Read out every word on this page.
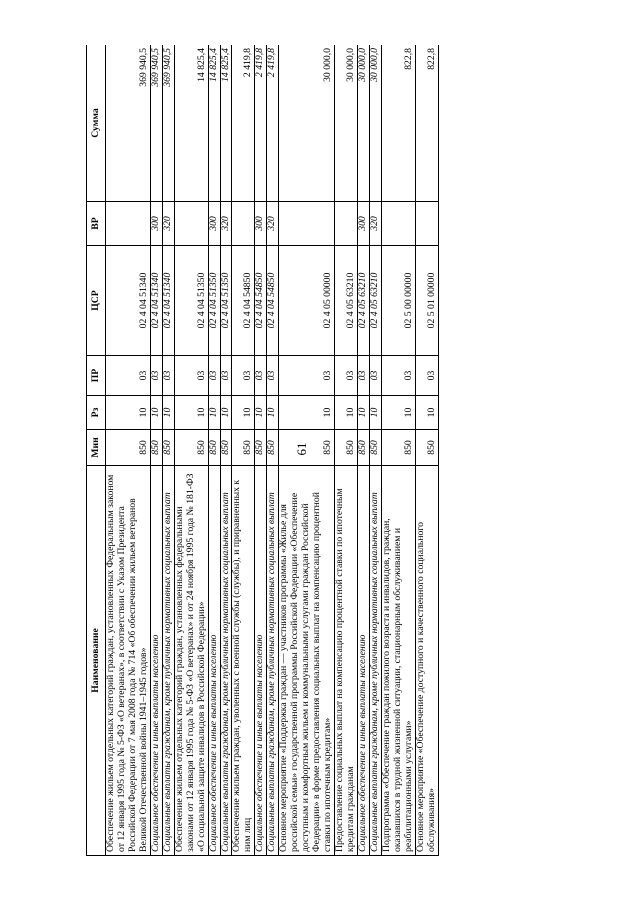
61
Наименование	Мин	Рз	ПР	ЦСР	ВР	Сумма
Обеспечение жильем отдельных категорий граждан, установленных Федеральным законом от 12 января 1995 года № 5-ФЗ «О ветеранах», в соответствии с Указом Президента Российской Федерации от 7 мая 2008 года № 714 «Об обеспечении жильем ветеранов Великой Отечественной войны 1941–1945 годов»	850	10	03	02 4 04 51340		369 940,5
Социальное обеспечение и иные выплаты населению	850	10	03	02 4 04 51340	300	369 940,5
Социальные выплаты гражданам, кроме публичных нормативных социальных выплат	850	10	03	02 4 04 51340	320	369 940,5
Обеспечение жильем отдельных категорий граждан, установленных федеральными законами от 12 января 1995 года № 5-ФЗ «О ветеранах» и от 24 ноября 1995 года № 181-ФЗ «О социальной защите инвалидов в Российской Федерации»	850	10	03	02 4 04 51350		14 825,4
Социальное обеспечение и иные выплаты населению	850	10	03	02 4 04 51350	300	14 825,4
Социальные выплаты гражданам, кроме публичных нормативных социальных выплат	850	10	03	02 4 04 51350	320	14 825,4
Обеспечение жильем граждан, уволенных с военной службы (службы), и приравненных к ним лиц	850	10	03	02 4 04 54850		2 419,8
Социальное обеспечение и иные выплаты населению	850	10	03	02 4 04 54850	300	2 419,8
Социальные выплаты гражданам, кроме публичных нормативных социальных выплат	850	10	03	02 4 04 54850	320	2 419,8
Основное мероприятие «Поддержка граждан — участников программы «Жилье для российской семьи» государственной программы Российской Федерации «Обеспечение доступным и комфортным жильем и коммунальными услугами граждан Российской Федерации» в форме предоставления социальных выплат на компенсацию процентной ставки по ипотечным кредитам»	850	10	03	02 4 05 00000		30 000,0
Предоставление социальных выплат на компенсацию процентной ставки по ипотечным кредитам гражданам	850	10	03	02 4 05 63210		30 000,0
Социальное обеспечение и иные выплаты населению	850	10	03	02 4 05 63210	300	30 000,0
Социальные выплаты гражданам, кроме публичных нормативных социальных выплат	850	10	03	02 4 05 63210	320	30 000,0
Подпрограмма «Обеспечение граждан пожилого возраста и инвалидов, граждан, оказавшихся в трудной жизненной ситуации, стационарным обслуживанием и реабилитационными услугами»	850	10	03	02 5 00 00000		822,8
Основное мероприятие «Обеспечение доступного и качественного социального обслуживания»	850	10	03	02 5 01 00000		822,8
